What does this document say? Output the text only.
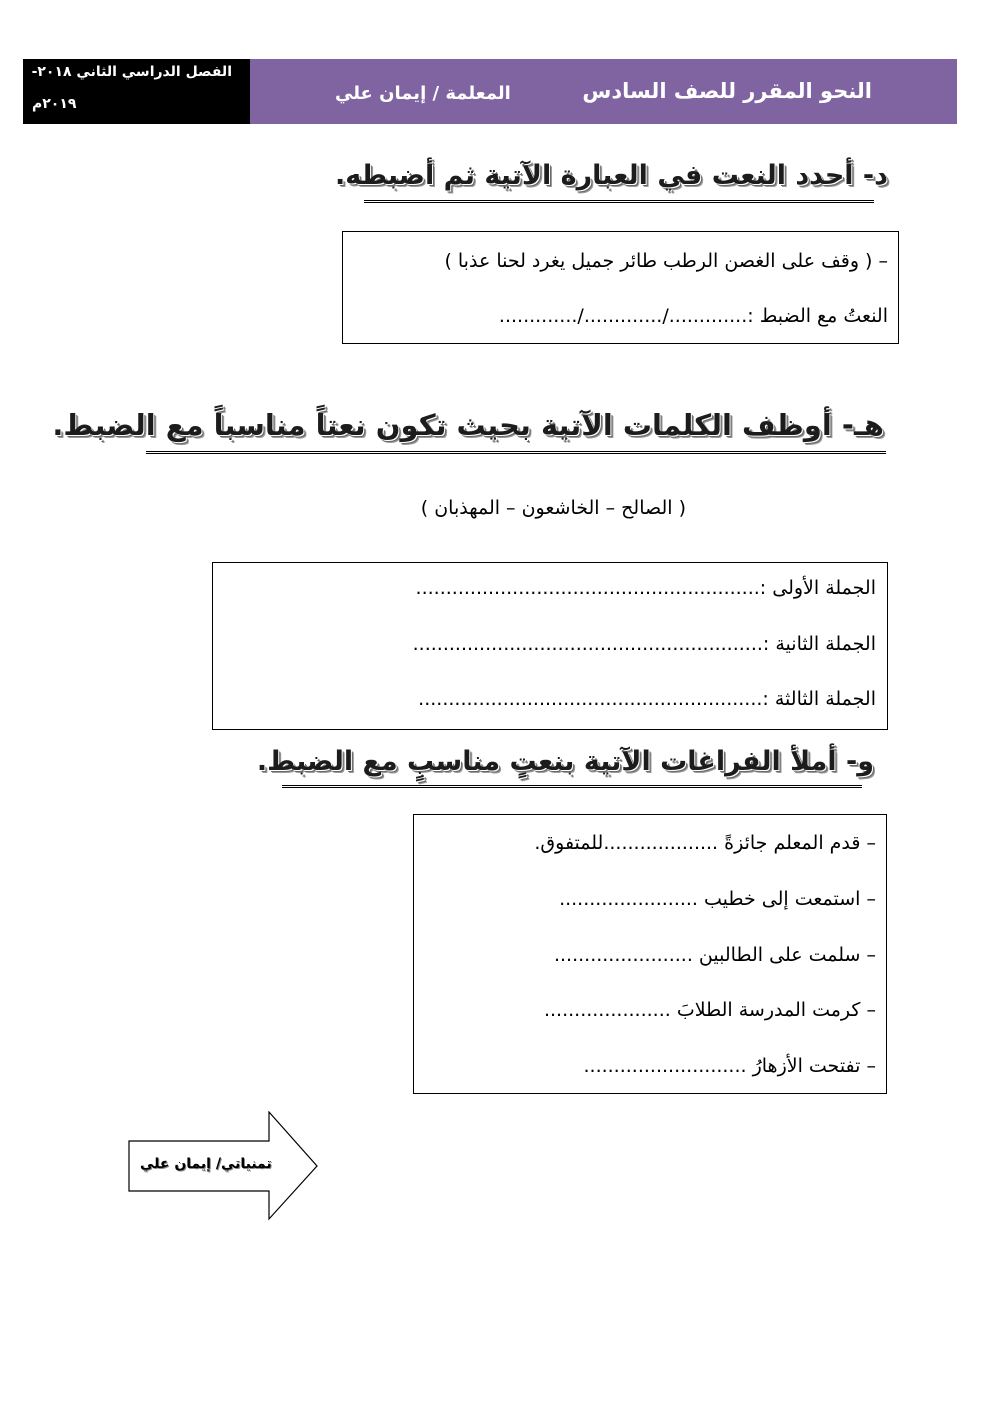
الفصل الدراسي الثاني ٢٠١٨-
٢٠١٩م
النحو المقرر للصف السادس
المعلمة / إيمان علي
د- أحدد النعت في العبارة الآتية ثم أضبطه.
– ( وقف على الغصن الرطب طائر جميل يغرد لحنا عذبا )
النعتُ مع الضبط :............./............./.............
هـ- أوظف الكلمات الآتية بحيث تكون نعتاً مناسباً مع الضبط.
( الصالح – الخاشعون – المهذبان )
الجملة الأولى :.........................................................
الجملة الثانية :..........................................................
الجملة الثالثة :.........................................................
و- أملأ الفراغات الآتية بنعتٍ مناسبٍ مع الضبط.
– قدم المعلم جائزةً ...................للمتفوق.
– استمعت إلى خطيب .......................
– سلمت على الطالبين .......................
– كرمت المدرسة الطلابَ .....................
– تفتحت الأزهارُ ...........................
تمنياتي/ إيمان علي
